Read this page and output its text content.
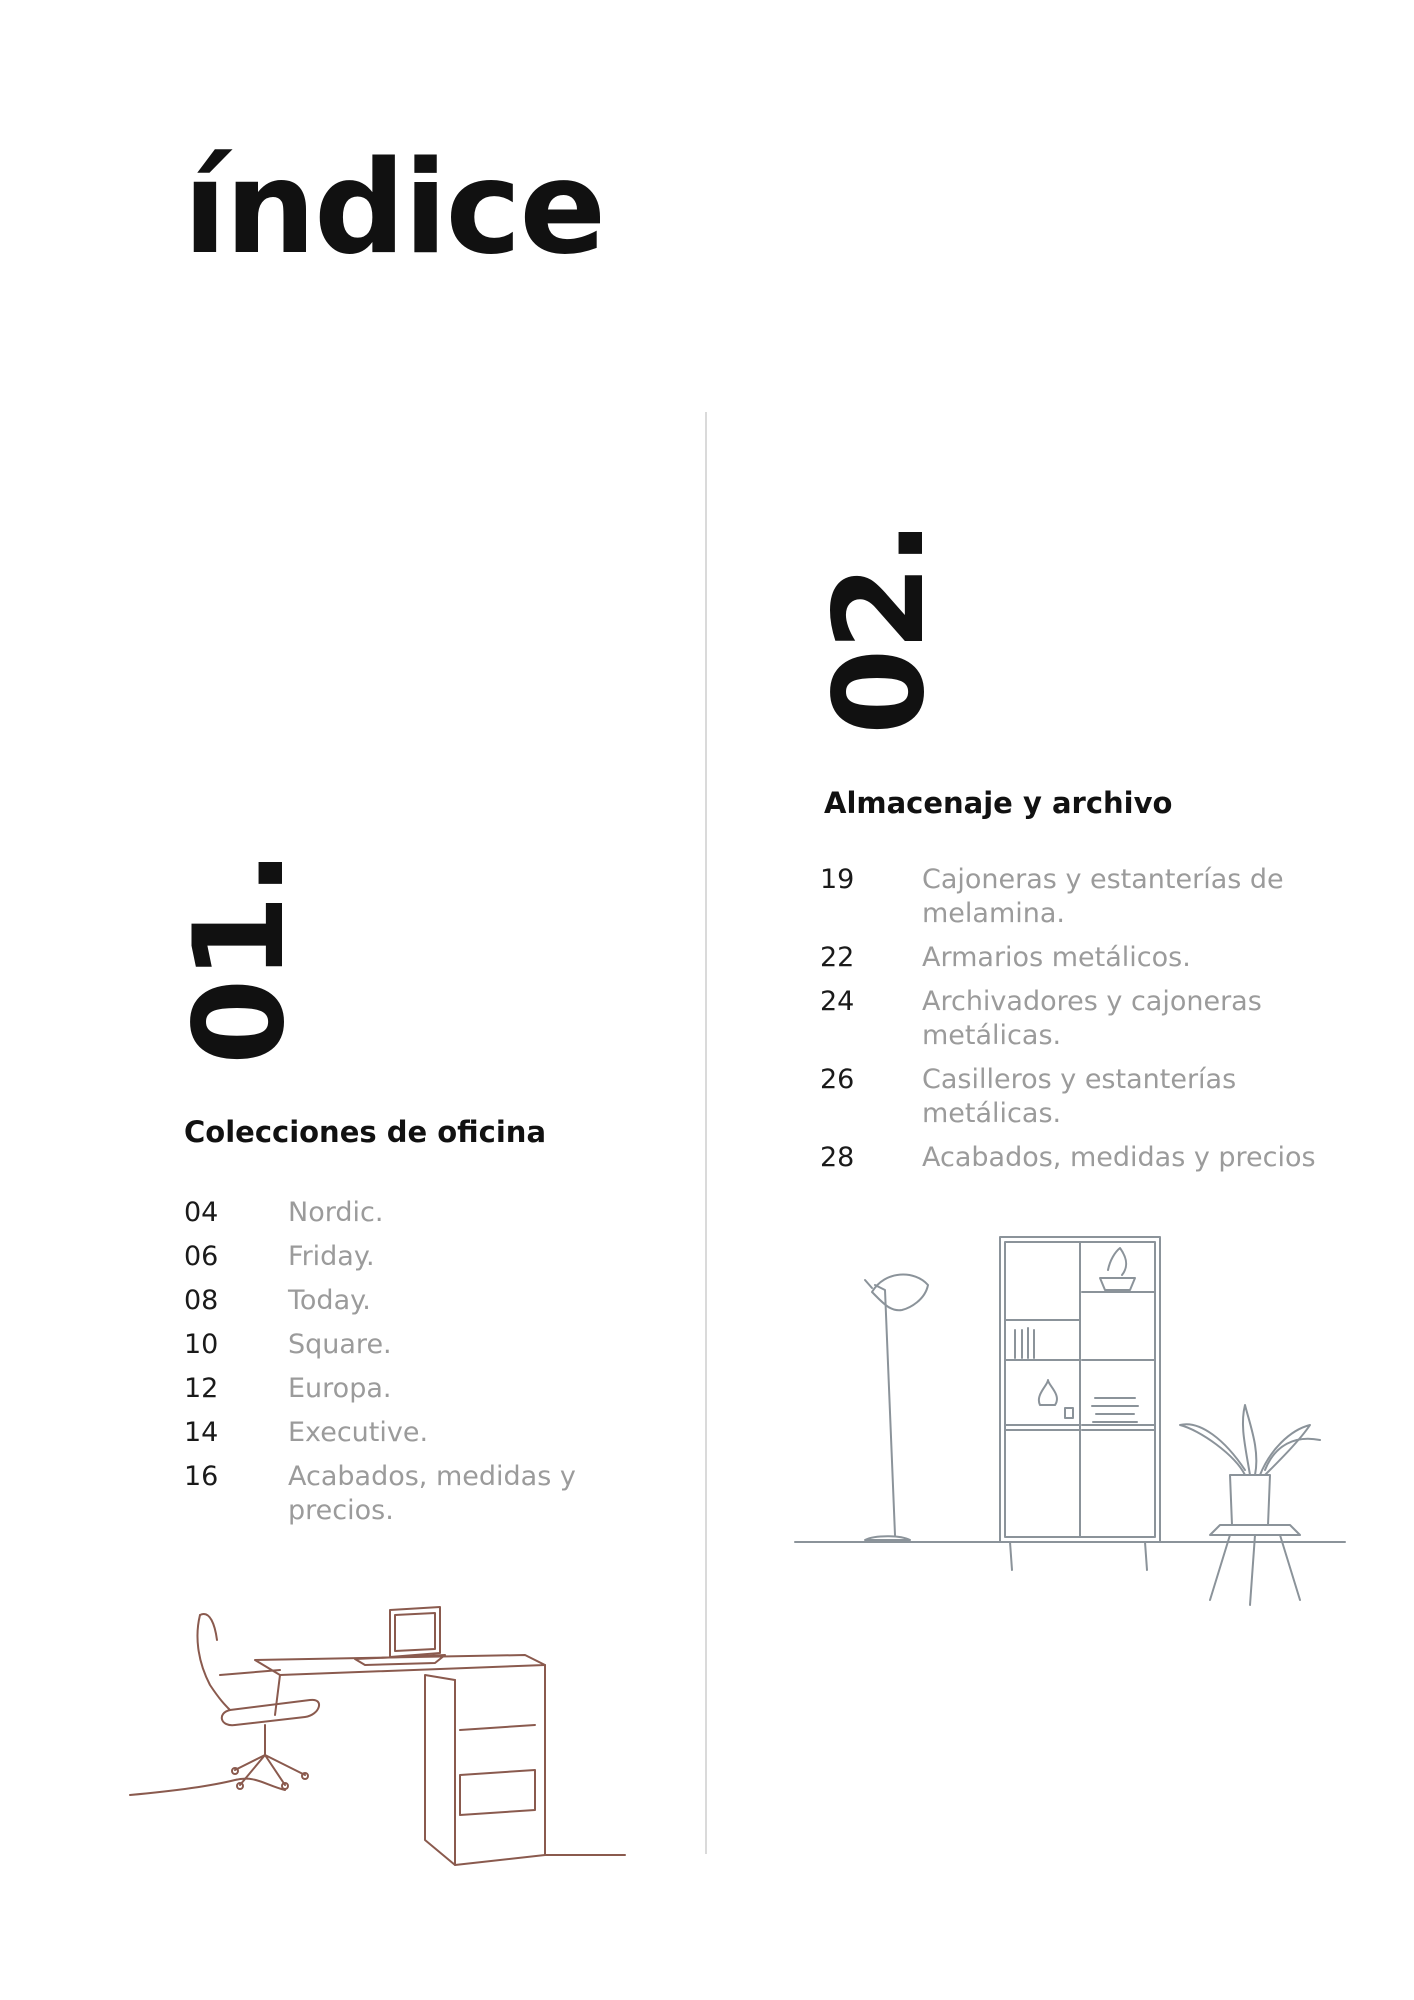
índice
01.
Colecciones de oficina
04	Nordic.
06	Friday.
08	Today.
10	Square.
12	Europa.
14	Executive.
16	Acabados, medidas y precios.
02.
Almacenaje y archivo
19	Cajoneras y estanterías de melamina.
22	Armarios metálicos.
24	Archivadores y cajoneras metálicas.
26	Casilleros y estanterías metálicas.
28	Acabados, medidas y precios
